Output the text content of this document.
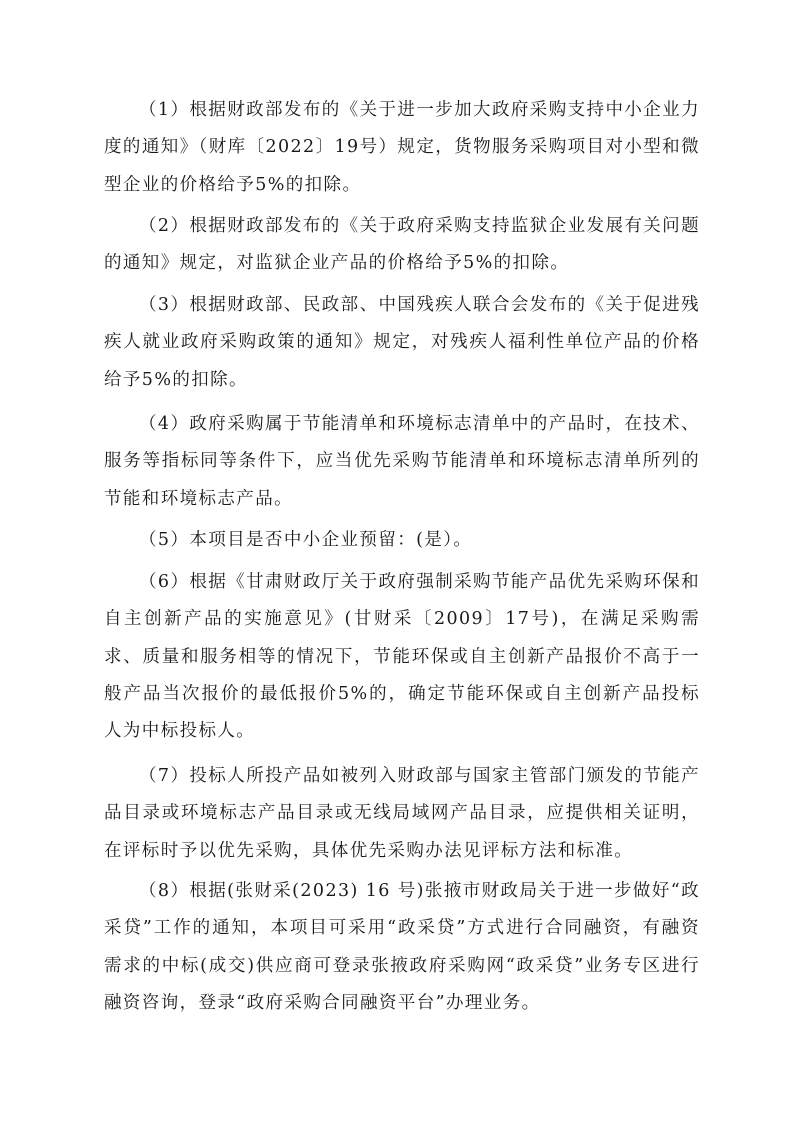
（1）根据财政部发布的《关于进一步加大政府采购支持中小企业力度的通知》（财库〔2022〕19号）规定，货物服务采购项目对小型和微型企业的价格给予5%的扣除。

（2）根据财政部发布的《关于政府采购支持监狱企业发展有关问题的通知》规定，对监狱企业产品的价格给予5%的扣除。

（3）根据财政部、民政部、中国残疾人联合会发布的《关于促进残疾人就业政府采购政策的通知》规定，对残疾人福利性单位产品的价格给予5%的扣除。

（4）政府采购属于节能清单和环境标志清单中的产品时，在技术、服务等指标同等条件下，应当优先采购节能清单和环境标志清单所列的节能和环境标志产品。

（5）本项目是否中小企业预留：(是）。

（6）根据《甘肃财政厅关于政府强制采购节能产品优先采购环保和自主创新产品的实施意见》(甘财采〔2009〕17号)，在满足采购需求、质量和服务相等的情况下，节能环保或自主创新产品报价不高于一般产品当次报价的最低报价5%的，确定节能环保或自主创新产品投标人为中标投标人。

（7）投标人所投产品如被列入财政部与国家主管部门颁发的节能产品目录或环境标志产品目录或无线局域网产品目录，应提供相关证明，在评标时予以优先采购，具体优先采购办法见评标方法和标准。

（8）根据(张财采(2023) 16 号)张掖市财政局关于进一步做好“政采贷”工作的通知，本项目可采用“政采贷”方式进行合同融资，有融资需求的中标(成交)供应商可登录张掖政府采购网“政采贷”业务专区进行融资咨询，登录“政府采购合同融资平台”办理业务。
